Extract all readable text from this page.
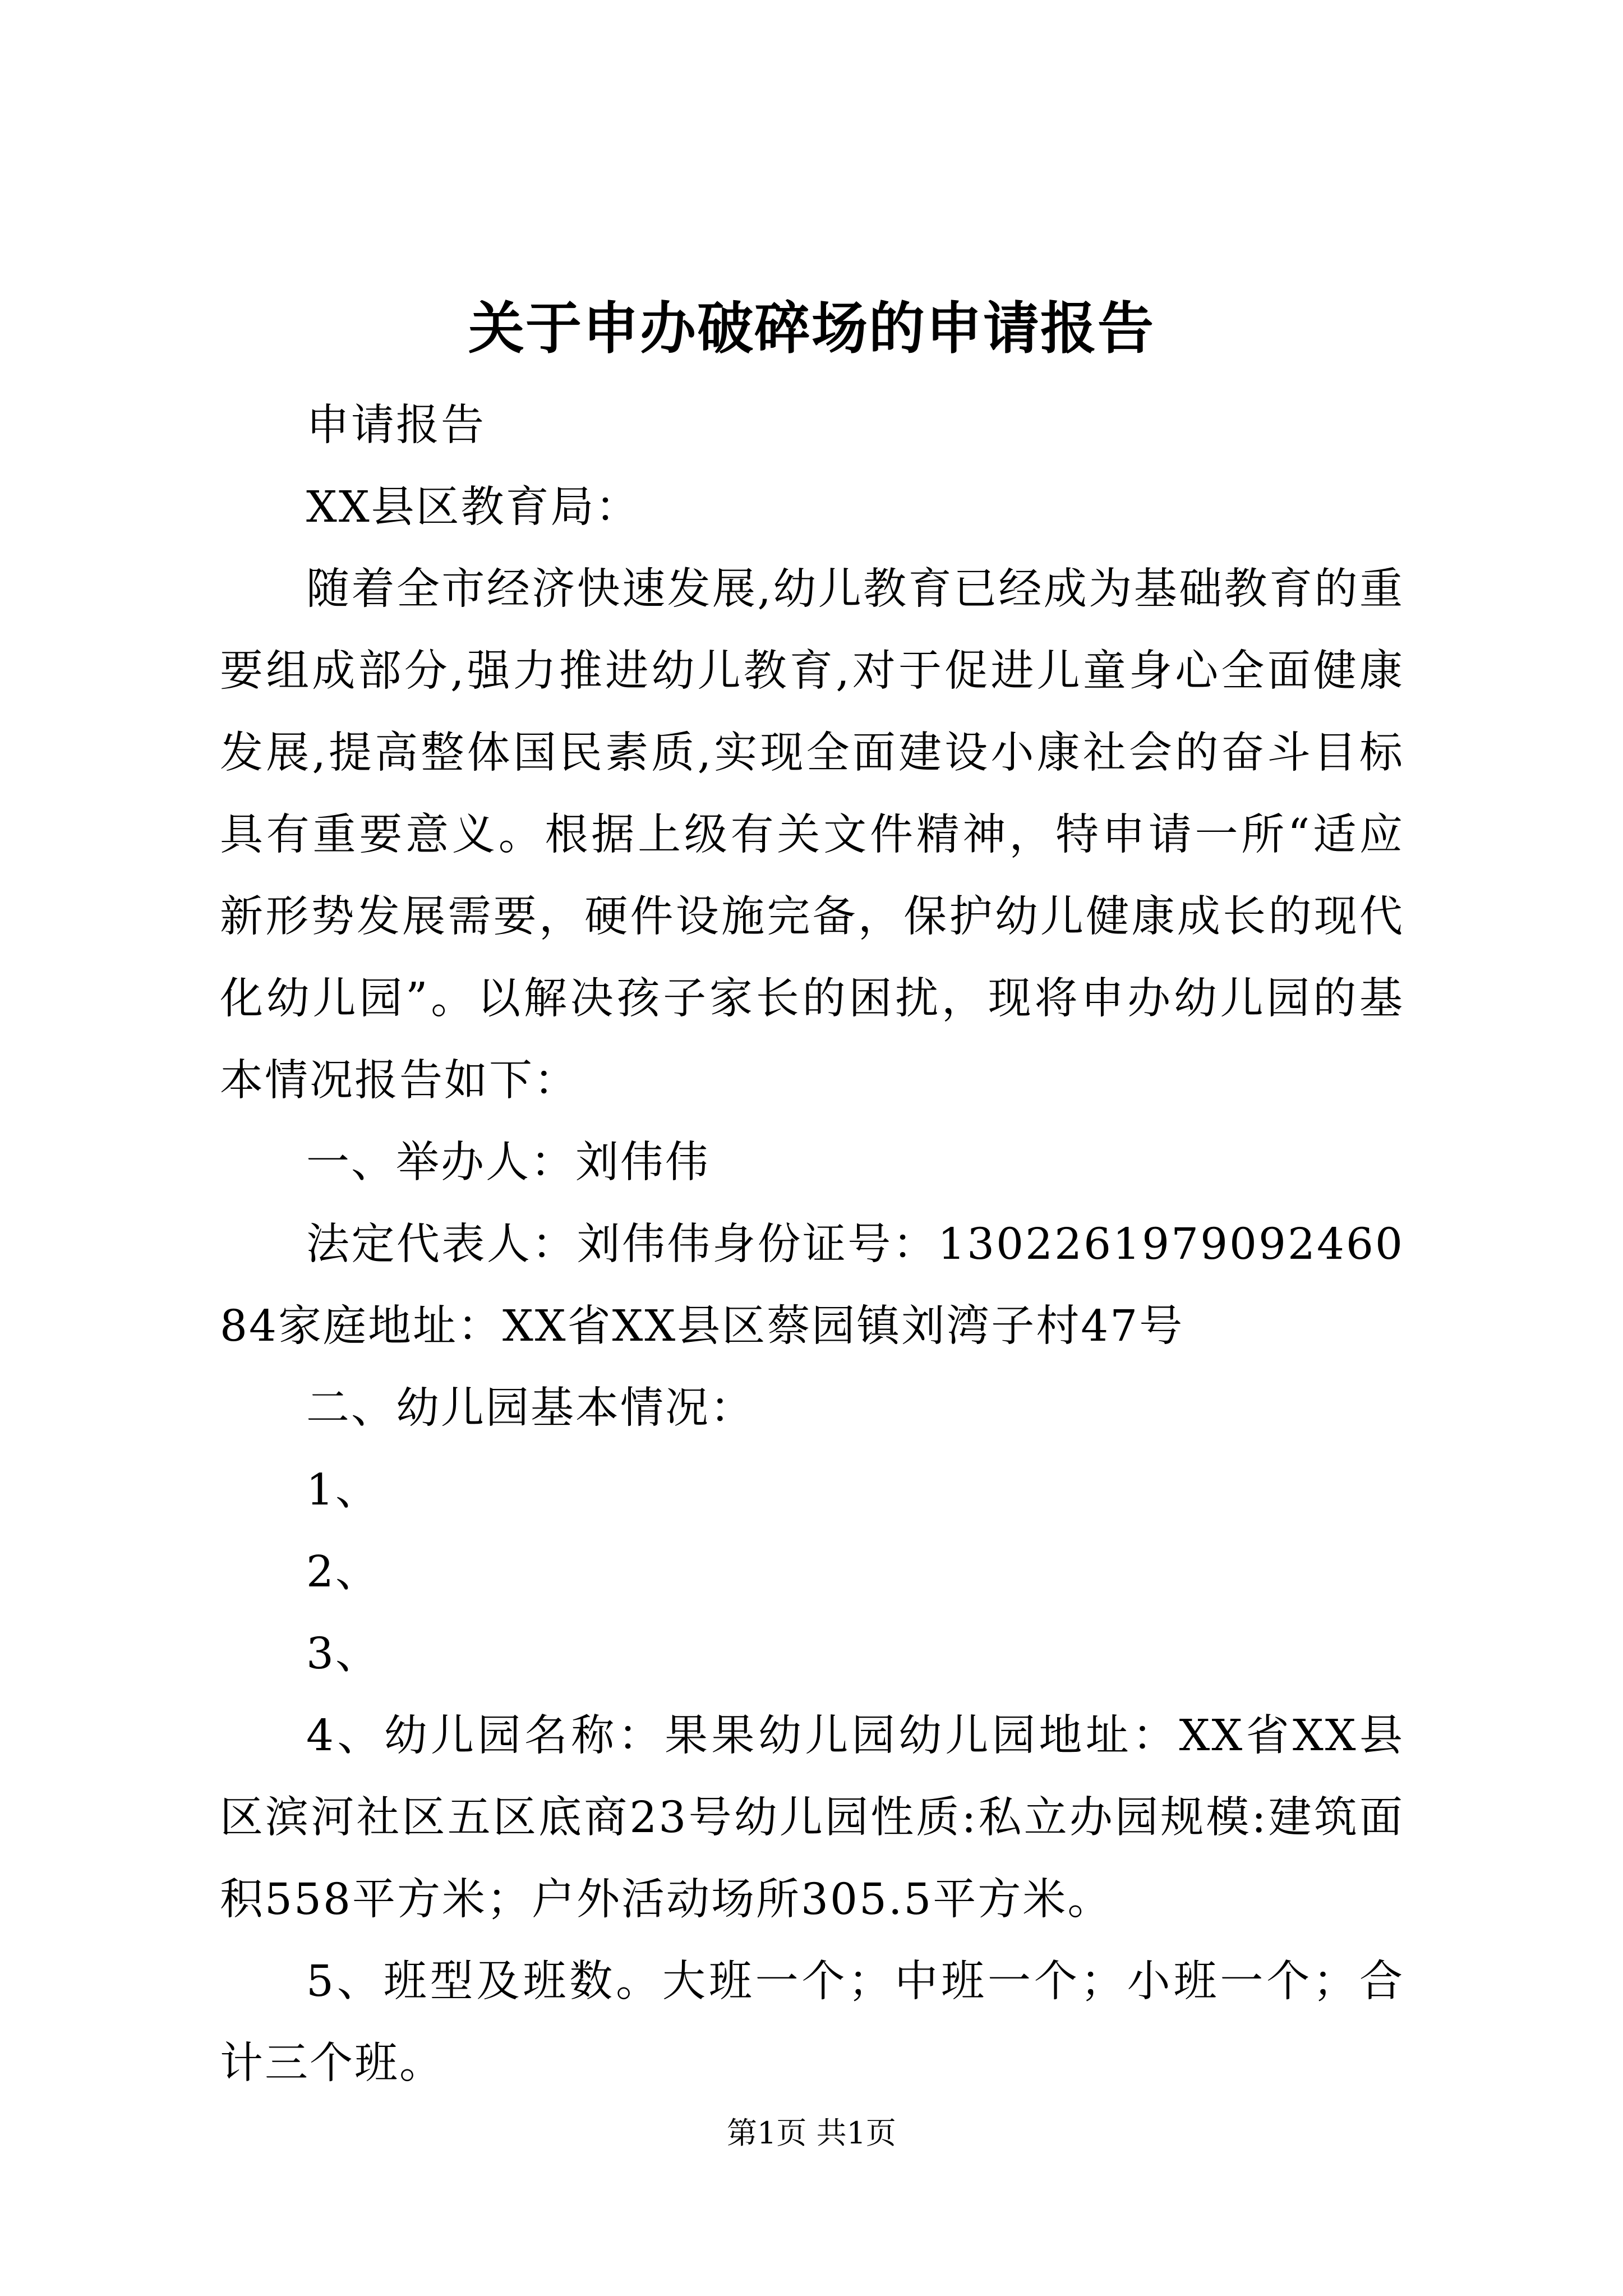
关于申办破碎场的申请报告

申请报告

XX县区教育局：

随着全市经济快速发展,幼儿教育已经成为基础教育的重要组成部分,强力推进幼儿教育,对于促进儿童身心全面健康发展,提高整体国民素质,实现全面建设小康社会的奋斗目标具有重要意义。根据上级有关文件精神，特申请一所“适应新形势发展需要，硬件设施完备，保护幼儿健康成长的现代化幼儿园”。以解决孩子家长的困扰，现将申办幼儿园的基本情况报告如下：

一、举办人：刘伟伟

法定代表人：刘伟伟身份证号：130226197909246084家庭地址：XX省XX县区蔡园镇刘湾子村47号

二、幼儿园基本情况：

1、

2、

3、

4、幼儿园名称：果果幼儿园幼儿园地址：XX省XX县区滨河社区五区底商23号幼儿园性质:私立办园规模:建筑面积558平方米；户外活动场所305.5平方米。

5、班型及班数。大班一个；中班一个；小班一个；合计三个班。

第1页 共1页
